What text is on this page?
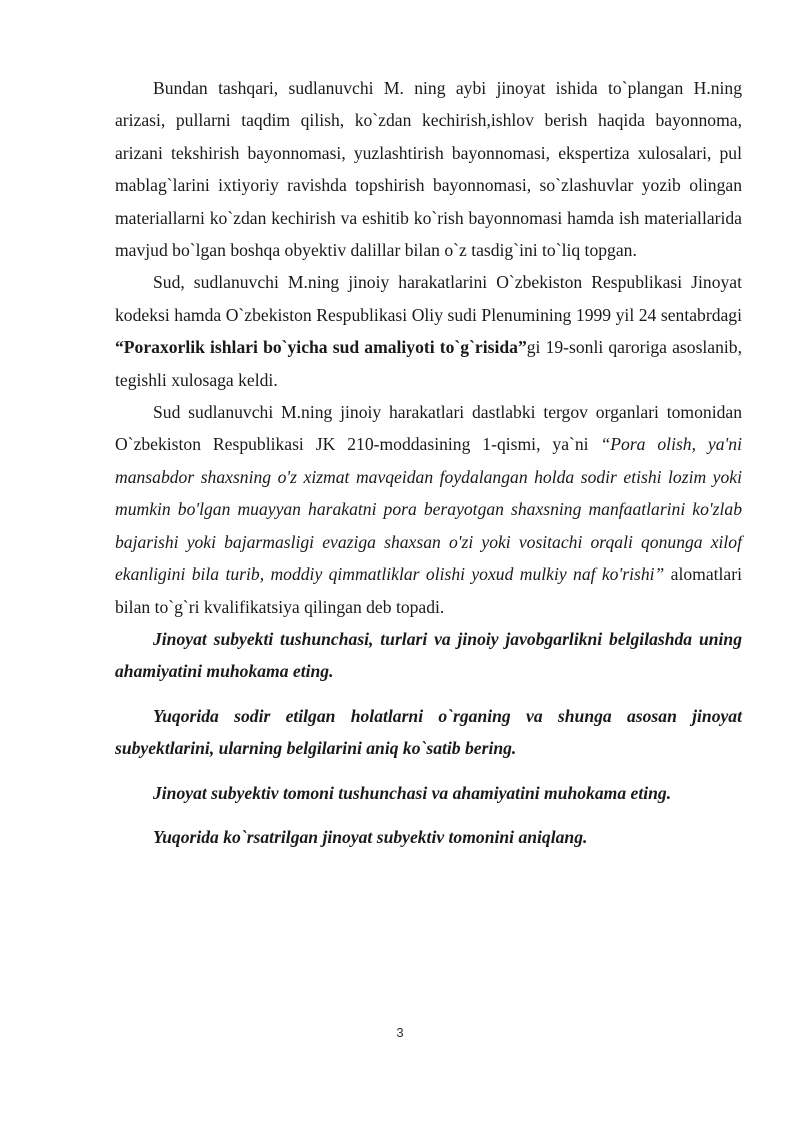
Bundan tashqari, sudlanuvchi M. ning aybi jinoyat ishida to`plangan H.ning arizasi, pullarni taqdim qilish, ko`zdan kechirish,ishlov berish haqida bayonnoma, arizani tekshirish bayonnomasi, yuzlashtirish bayonnomasi, ekspertiza xulosalari, pul mablag`larini ixtiyoriy ravishda topshirish bayonnomasi, so`zlashuvlar yozib olingan materiallarni ko`zdan kechirish va eshitib ko`rish bayonnomasi hamda ish materiallarida mavjud bo`lgan boshqa obyektiv dalillar bilan o`z tasdig`ini to`liq topgan.

Sud, sudlanuvchi M.ning jinoiy harakatlarini O`zbekiston Respublikasi Jinoyat kodeksi hamda O`zbekiston Respublikasi Oliy sudi Plenumining 1999 yil 24 sentabrdagi “Poraxorlik ishlari bo`yicha sud amaliyoti to`g`risida”gi 19-sonli qaroriga asoslanib, tegishli xulosaga keldi.

Sud sudlanuvchi M.ning jinoiy harakatlari dastlabki tergov organlari tomonidan O`zbekiston Respublikasi JK 210-moddasining 1-qismi, ya`ni “Pora olish, ya'ni mansabdor shaxsning o'z xizmat mavqeidan foydalangan holda sodir etishi lozim yoki mumkin bo'lgan muayyan harakatni pora berayotgan shaxsning manfaatlarini ko'zlab bajarishi yoki bajarmasligi evaziga shaxsan o'zi yoki vositachi orqali qonunga xilof ekanligini bila turib, moddiy qimmatliklar olishi yoxud mulkiy naf ko'rishi” alomatlari bilan to`g`ri kvalifikatsiya qilingan deb topadi.

Jinoyat subyekti tushunchasi, turlari va jinoiy javobgarlikni belgilashda uning ahamiyatini muhokama eting.

Yuqorida sodir etilgan holatlarni o`rganing va shunga asosan jinoyat subyektlarini, ularning belgilarini aniq ko`satib bering.

Jinoyat subyektiv tomoni tushunchasi va ahamiyatini muhokama eting.

Yuqorida ko`rsatrilgan jinoyat subyektiv tomonini aniqlang.

3
